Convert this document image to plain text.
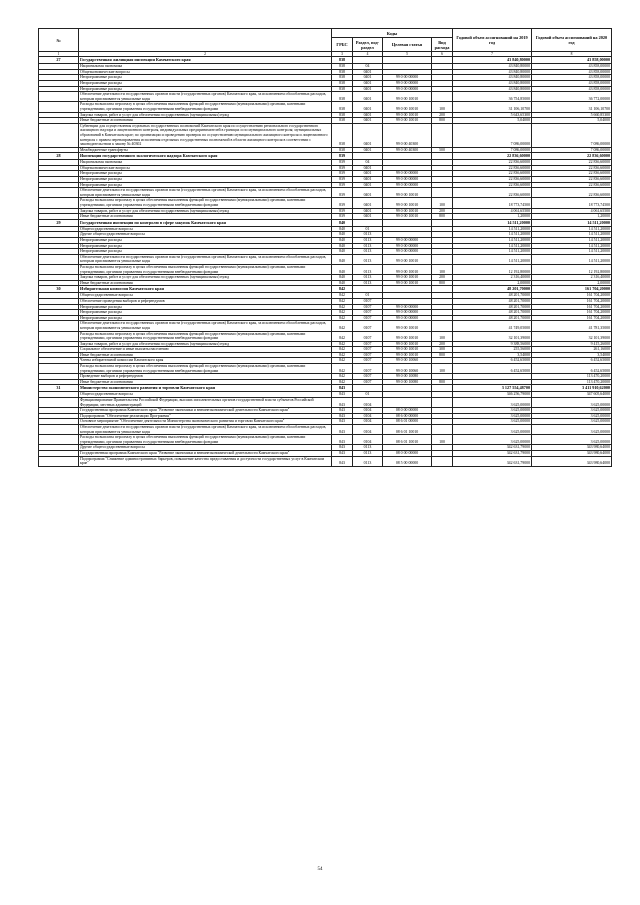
№		Коды				Годовой объем ассигнований на 2019 год	Годовой объем ассигнований на 2020 год
		ГРБС	Раздел, под-раздел	Целевая статья	Вид расхода		
1	2	3	4	5	6	7	8
27	Государственная жилищная инспекция Камчатского края	838				43 840,80000	43 858,00000
	Национальная экономика	838	04			43 840,80000	43 858,00000
	Общеэкономические вопросы	838	0401			43 840,80000	43 858,00000
	Непрограммные расходы	838	0401	99 0 00 00000		43 840,80000	43 858,00000
	Непрограммные расходы	838	0401	99 0 00 00000		43 840,80000	43 858,00000
	Непрограммные расходы	838	0401	99 0 00 00000		43 840,80000	43 858,00000
	Обеспечение деятельности государственных органов власти (государственных органов) Камчатского края, за исключением обособленных расходов, которым присваиваются уникальные коды	838	0401	99 0 00 10010		36 754,85000	36 772,00000
	Расходы на выплаты персоналу в целях обеспечения выполнения функций государственными (муниципальными) органами, казенными учреждениями, органами управления государственными внебюджетными фондами	838	0401	99 0 00 10010	100	31 106,10700	31 106,10700
	Закупка товаров, работ и услуг для обеспечения государственных (муниципальных) нужд	838	0401	99 0 00 10010	200	5 643,65300	5 660,85300
	Иные бюджетные ассигнования	838	0401	99 0 00 10010	800	5,04000	5,04000
	Субвенции для осуществления отдельных государственных полномочий Камчатского края по осуществлению регионального государственного жилищного надзора и лицензионного контроля, индивидуальных предпринимателей в границах и по муниципального контроля; муниципальных образований в Камчатском крае; по организации и проведению проверок по осуществлению муниципального жилищного контроля и лицензионного контроля с правом перенаправления исполнения отдельных государственных полномочий в области жилищного контроля в соответствии с законодательством к закону № 40302	838	0401	99 0 00 40300		7 086,00000	7 086,00000
	Межбюджетные трансферты	838	0401	99 0 00 40300	500	7 086,00000	7 086,00000
28	Инспекция государственного экологического надзора Камчатского края	839				22 836,60000	22 836,60000
	Национальная экономика	839	04			22 836,60000	22 836,60000
	Общеэкономические вопросы	839	0401			22 836,60000	22 836,60000
	Непрограммные расходы	839	0401	99 0 00 00000		22 836,60000	22 836,60000
	Непрограммные расходы	839	0401	99 0 00 00000		22 836,60000	22 836,60000
	Непрограммные расходы	839	0401	99 0 00 00000		22 836,60000	22 836,60000
	Обеспечение деятельности государственных органов власти (государственных органов) Камчатского края, за исключением обособленных расходов, которым присваиваются уникальные коды	839	0401	99 0 00 10010		22 836,60000	22 836,60000
	Расходы на выплаты персоналу в целях обеспечения выполнения функций государственными (муниципальными) органами, казенными учреждениями, органами управления государственными внебюджетными фондами	839	0401	99 0 00 10010	100	18 773,74500	18 773,74500
	Закупка товаров, работ и услуг для обеспечения государственных (муниципальных) нужд	839	0401	99 0 00 10010	200	4 061,65500	4 061,65500
	Иные бюджетные ассигнования	839	0401	99 0 00 10010	800	1,20000	1,20000
29	Государственная инспекция по контролю в сфере закупок Камчатского края	840				14 511,20000	14 511,20000
	Общегосударственные вопросы	840	01			14 511,20000	14 511,20000
	Другие общегосударственные вопросы	840	0113			14 511,20000	14 511,20000
	Непрограммные расходы	840	0113	99 0 00 00000		14 511,20000	14 511,20000
	Непрограммные расходы	840	0113	99 0 00 00000		14 511,20000	14 511,20000
	Непрограммные расходы	840	0113	99 0 00 00000		14 511,20000	14 511,20000
	Обеспечение деятельности государственных органов власти (государственных органов) Камчатского края, за исключением обособленных расходов, которым присваиваются уникальные коды	840	0113	99 0 00 10010		14 511,20000	14 511,20000
	Расходы на выплаты персоналу в целях обеспечения выполнения функций государственными (муниципальными) органами, казенными учреждениями, органами управления государственными внебюджетными фондами	840	0113	99 0 00 10010	100	12 192,80000	12 192,80000
	Закупка товаров, работ и услуг для обеспечения государственных (муниципальных) нужд	840	0113	99 0 00 10010	200	2 316,40000	2 316,40000
	Иные бюджетные ассигнования	840	0113	99 0 00 10010	800	2,00000	2,00000
30	Избирательная комиссия Камчатского края	842				48 201,70000	161 704,20000
	Общегосударственные вопросы	842	01			48 201,70000	161 704,20000
	Обеспечение проведения выборов и референдумов	842	0107			48 201,70000	161 704,20000
	Непрограммные расходы	842	0107	99 0 00 00000		48 201,70000	161 704,20000
	Непрограммные расходы	842	0107	99 0 00 00000		48 201,70000	161 704,20000
	Непрограммные расходы	842	0107	99 0 00 00000		48 201,70000	161 704,20000
	Обеспечение деятельности государственных органов власти (государственных органов) Камчатского края, за исключением обособленных расходов, которым присваиваются уникальные коды	842	0107	99 0 00 10010		41 749,05000	41 781,35000
	Расходы на выплаты персоналу в целях обеспечения выполнения функций государственными (муниципальными) органами, казенными учреждениями, органами управления государственными внебюджетными фондами	842	0107	99 0 00 10010	100	32 101,39000	32 101,39000
	Закупка товаров, работ и услуг для обеспечения государственных (муниципальных) нужд	842	0107	99 0 00 10010	200	9 388,56000	9 415,26000
	Социальное обеспечение и иные выплаты населению	842	0107	99 0 00 10010	300	255,56000	261,16000
	Иные бюджетные ассигнования	842	0107	99 0 00 10010	800	3,54000	3,54000
	Члены избирательной комиссии Камчатского края	842	0107	99 0 00 10060		6 452,65000	6 452,65000
	Расходы на выплаты персоналу в целях обеспечения выполнения функций государственными (муниципальными) органами, казенными учреждениями, органами управления государственными внебюджетными фондами	842	0107	99 0 00 10060	100	6 452,65000	6 452,65000
	Проведение выборов и референдумов	842	0107	99 0 00 10080			113 470,20000
	Иные бюджетные ассигнования	842	0107	99 0 00 10080	800		113 470,20000
31	Министерство экономического развития и торговли Камчатского края	843				3 127 554,48700	3 411 910,62000
	Общегосударственные вопросы	843	01			346 256,79000	347 605,64000
	Функционирование Правительства Российской Федерации, высших исполнительных органов государственной власти субъектов Российской Федерации, местных администраций	843	0104			3 625,00000	3 625,00000
	Государственная программа Камчатского края "Развитие экономики и внешнеэкономической деятельности Камчатского края"	843	0104	08 0 00 00000		3 625,00000	3 625,00000
	Подпрограмма "Обеспечение реализации Программы"	843	0104	08 6 00 00000		3 625,00000	3 625,00000
	Основное мероприятие "Обеспечение деятельности Министерства экономического развития и торговли Камчатского края"	843	0104	08 6 01 00000		3 625,00000	3 625,00000
	Обеспечение деятельности государственных органов власти (государственных органов) Камчатского края, за исключением обособленных расходов, которым присваиваются уникальные коды	843	0104	08 6 01 10010		3 625,00000	3 625,00000
	Расходы на выплаты персоналу в целях обеспечения выполнения функций государственными (муниципальными) органами, казенными учреждениями, органами управления государственными внебюджетными фондами	843	0104	08 6 01 10010	100	3 625,00000	3 625,00000
	Другие общегосударственные вопросы	843	0113			342 631,79000	343 980,64000
	Государственная программа Камчатского края "Развитие экономики и внешнеэкономической деятельности Камчатского края"	843	0113	08 0 00 00000		342 631,79000	343 980,64000
	Подпрограмма "Снижение административных барьеров, повышение качества предоставления и доступности государственных услуг в Камчатском крае"	843	0113	08 5 00 00000		342 631,79000	343 980,64000
54
